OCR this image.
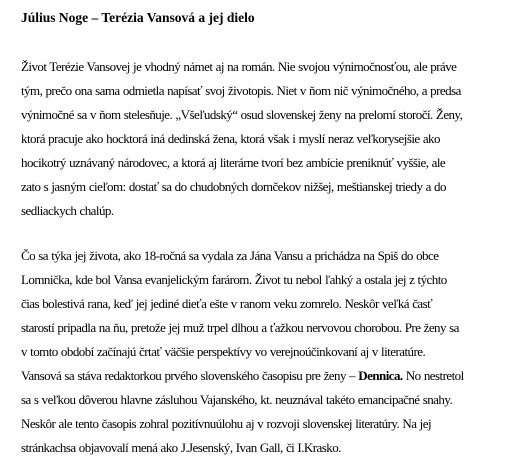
Július Noge – Terézia Vansová a jej dielo

Život Terézie Vansovej je vhodný námet aj na román. Nie svojou výnimočnosťou, ale práve
tým, prečo ona sama odmietla napísať svoj životopis. Niet v ňom nič výnimočného, a predsa
výnimočné sa v ňom stelesňuje. „Všeľudský“ osud slovenskej ženy na prelomí storočí. Ženy,
ktorá pracuje ako hocktorá iná dedinská žena, ktorá však i myslí neraz veľkorysejšie ako
hocikotrý uznávaný národovec, a ktorá aj literárne tvorí bez ambície preniknúť vyššie, ale
zato s jasným cieľom: dostať sa do chudobných domčekov nižšej, meštianskej triedy a do
sedliackych chalúp.

Čo sa týka jej života, ako 18-ročná sa vydala za Jána Vansu a prichádza na Spiš do obce
Lomnička, kde bol Vansa evanjelickým farárom. Život tu nebol ľahký a ostala jej z týchto
čias bolestivá rana, keď jej jediné dieťa ešte v ranom veku zomrelo. Neskôr veľká časť
starostí pripadla na ňu, pretože jej muž trpel dlhou a ťažkou nervovou chorobou. Pre ženy sa
v tomto období začínajú črtať väčšie perspektívy vo verejnoúčinkovaní aj v literatúre.
Vansová sa stáva redaktorkou prvého slovenského časopisu pre ženy – Dennica. No nestretol
sa s veľkou dôverou hlavne zásluhou Vajanského, kt. neuznával takéto emancipačné snahy.
Neskôr ale tento časopis zohral pozitívnuúlohu aj v rozvoji slovenskej literatúry. Na jej
stránkachsa objavovalí mená ako J.Jesenský, Ivan Gall, či I.Krasko.
